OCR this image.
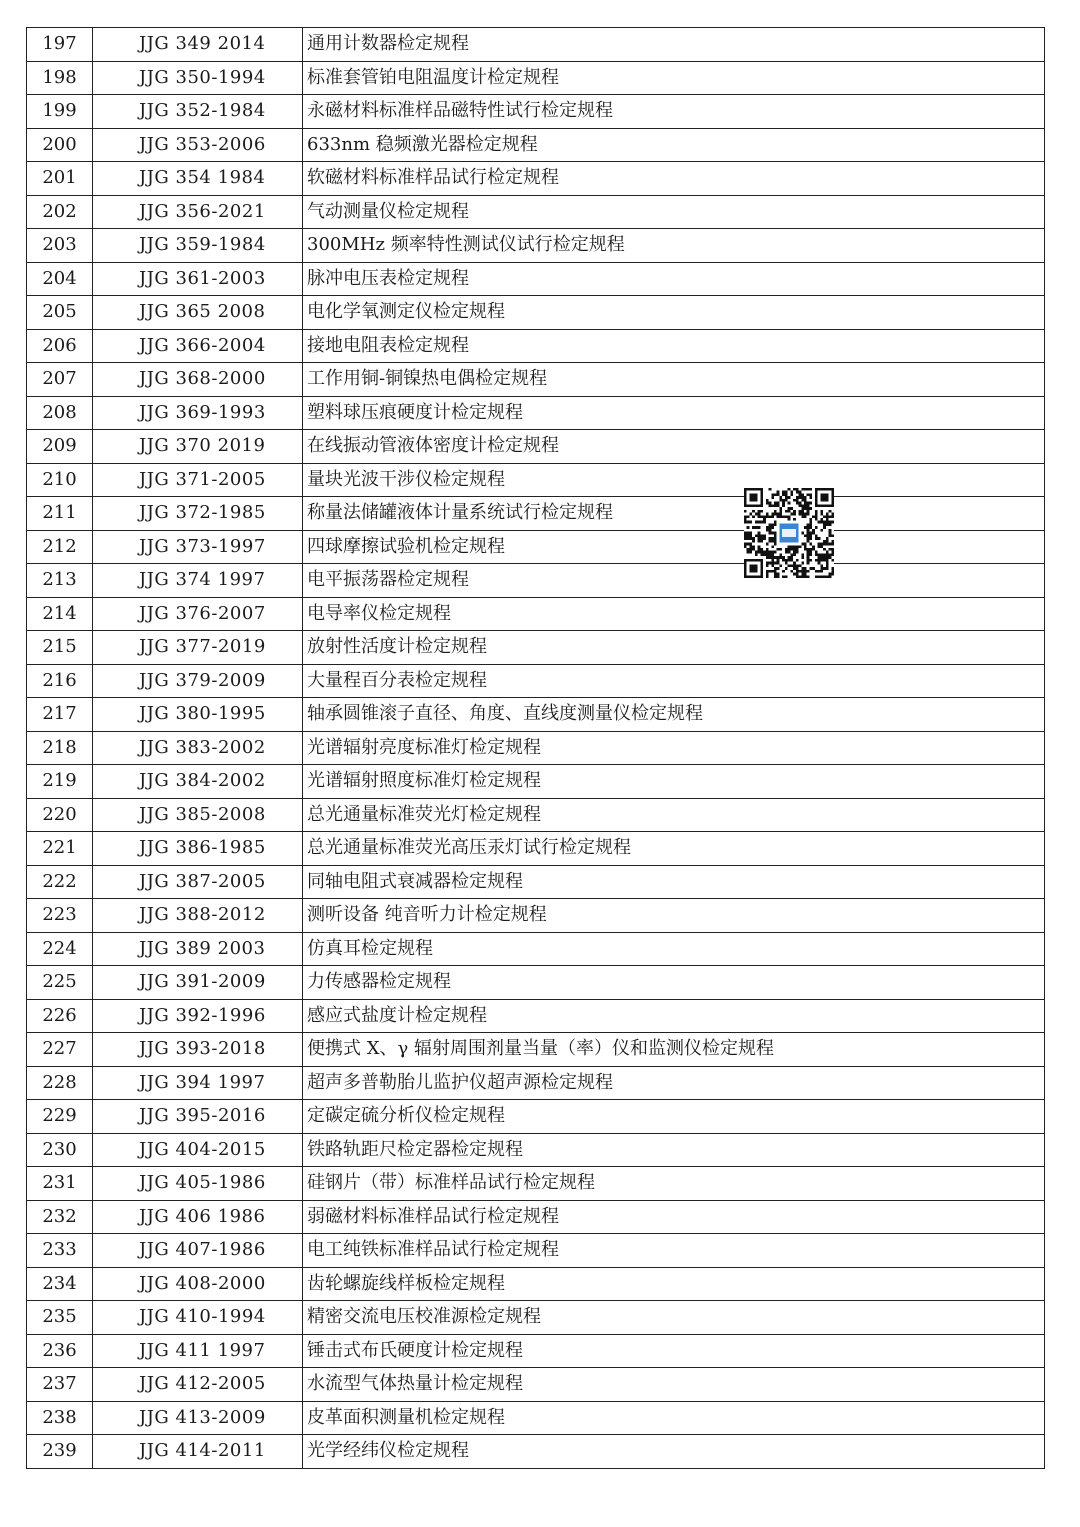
197	JJG 349 2014	通用计数器检定规程
198	JJG 350-1994	标准套管铂电阻温度计检定规程
199	JJG 352-1984	永磁材料标准样品磁特性试行检定规程
200	JJG 353-2006	633nm 稳频激光器检定规程
201	JJG 354 1984	软磁材料标准样品试行检定规程
202	JJG 356-2021	气动测量仪检定规程
203	JJG 359-1984	300MHz 频率特性测试仪试行检定规程
204	JJG 361-2003	脉冲电压表检定规程
205	JJG 365 2008	电化学氧测定仪检定规程
206	JJG 366-2004	接地电阻表检定规程
207	JJG 368-2000	工作用铜-铜镍热电偶检定规程
208	JJG 369-1993	塑料球压痕硬度计检定规程
209	JJG 370 2019	在线振动管液体密度计检定规程
210	JJG 371-2005	量块光波干涉仪检定规程
211	JJG 372-1985	称量法储罐液体计量系统试行检定规程
212	JJG 373-1997	四球摩擦试验机检定规程
213	JJG 374 1997	电平振荡器检定规程
214	JJG 376-2007	电导率仪检定规程
215	JJG 377-2019	放射性活度计检定规程
216	JJG 379-2009	大量程百分表检定规程
217	JJG 380-1995	轴承圆锥滚子直径、角度、直线度测量仪检定规程
218	JJG 383-2002	光谱辐射亮度标准灯检定规程
219	JJG 384-2002	光谱辐射照度标准灯检定规程
220	JJG 385-2008	总光通量标准荧光灯检定规程
221	JJG 386-1985	总光通量标准荧光高压汞灯试行检定规程
222	JJG 387-2005	同轴电阻式衰减器检定规程
223	JJG 388-2012	测听设备 纯音听力计检定规程
224	JJG 389 2003	仿真耳检定规程
225	JJG 391-2009	力传感器检定规程
226	JJG 392-1996	感应式盐度计检定规程
227	JJG 393-2018	便携式 X、γ 辐射周围剂量当量（率）仪和监测仪检定规程
228	JJG 394 1997	超声多普勒胎儿监护仪超声源检定规程
229	JJG 395-2016	定碳定硫分析仪检定规程
230	JJG 404-2015	铁路轨距尺检定器检定规程
231	JJG 405-1986	硅钢片（带）标准样品试行检定规程
232	JJG 406 1986	弱磁材料标准样品试行检定规程
233	JJG 407-1986	电工纯铁标准样品试行检定规程
234	JJG 408-2000	齿轮螺旋线样板检定规程
235	JJG 410-1994	精密交流电压校准源检定规程
236	JJG 411 1997	锤击式布氏硬度计检定规程
237	JJG 412-2005	水流型气体热量计检定规程
238	JJG 413-2009	皮革面积测量机检定规程
239	JJG 414-2011	光学经纬仪检定规程
